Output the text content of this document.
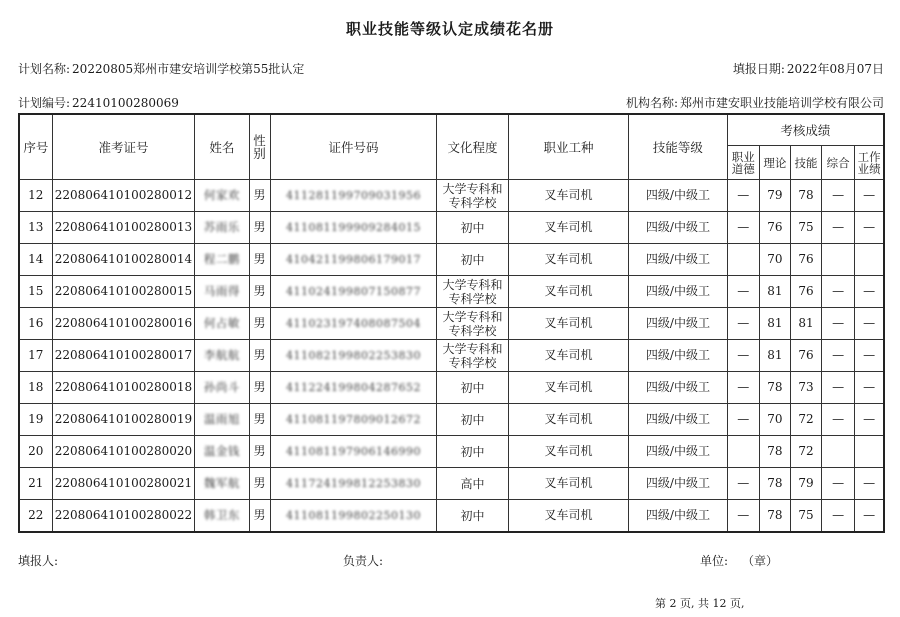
职业技能等级认定成绩花名册
计划名称: 20220805郑州市建安培训学校第55批认定	填报日期: 2022年08月07日
计划编号: 22410100280069	机构名称: 郑州市建安职业技能培训学校有限公司
序号	准考证号	姓名	性别	证件号码	文化程度	职业工种	技能等级	考核成绩				
								职业道德	理论	技能	综合	工作业绩
12	220806410100280012	何家欢	男	411281199709031956	大学专科和专科学校	叉车司机	四级/中级工	—	79	78	—	—
13	220806410100280013	苏雨乐	男	411081199909284015	初中	叉车司机	四级/中级工	—	76	75	—	—
14	220806410100280014	程二鹏	男	410421199806179017	初中	叉车司机	四级/中级工		70	76		
15	220806410100280015	马雨得	男	411024199807150877	大学专科和专科学校	叉车司机	四级/中级工	—	81	76	—	—
16	220806410100280016	何占敏	男	411023197408087504	大学专科和专科学校	叉车司机	四级/中级工	—	81	81	—	—
17	220806410100280017	李航航	男	411082199802253830	大学专科和专科学校	叉车司机	四级/中级工	—	81	76	—	—
18	220806410100280018	孙尚斗	男	411224199804287652	初中	叉车司机	四级/中级工	—	78	73	—	—
19	220806410100280019	温雨旭	男	411081197809012672	初中	叉车司机	四级/中级工	—	70	72	—	—
20	220806410100280020	温金钱	男	411081197906146990	初中	叉车司机	四级/中级工		78	72		
21	220806410100280021	魏军航	男	411724199812253830	高中	叉车司机	四级/中级工	—	78	79	—	—
22	220806410100280022	韩卫东	男	411081199802250130	初中	叉车司机	四级/中级工	—	78	75	—	—
填报人:	负责人:	单位: （章）
第 2 页, 共 12 页,
